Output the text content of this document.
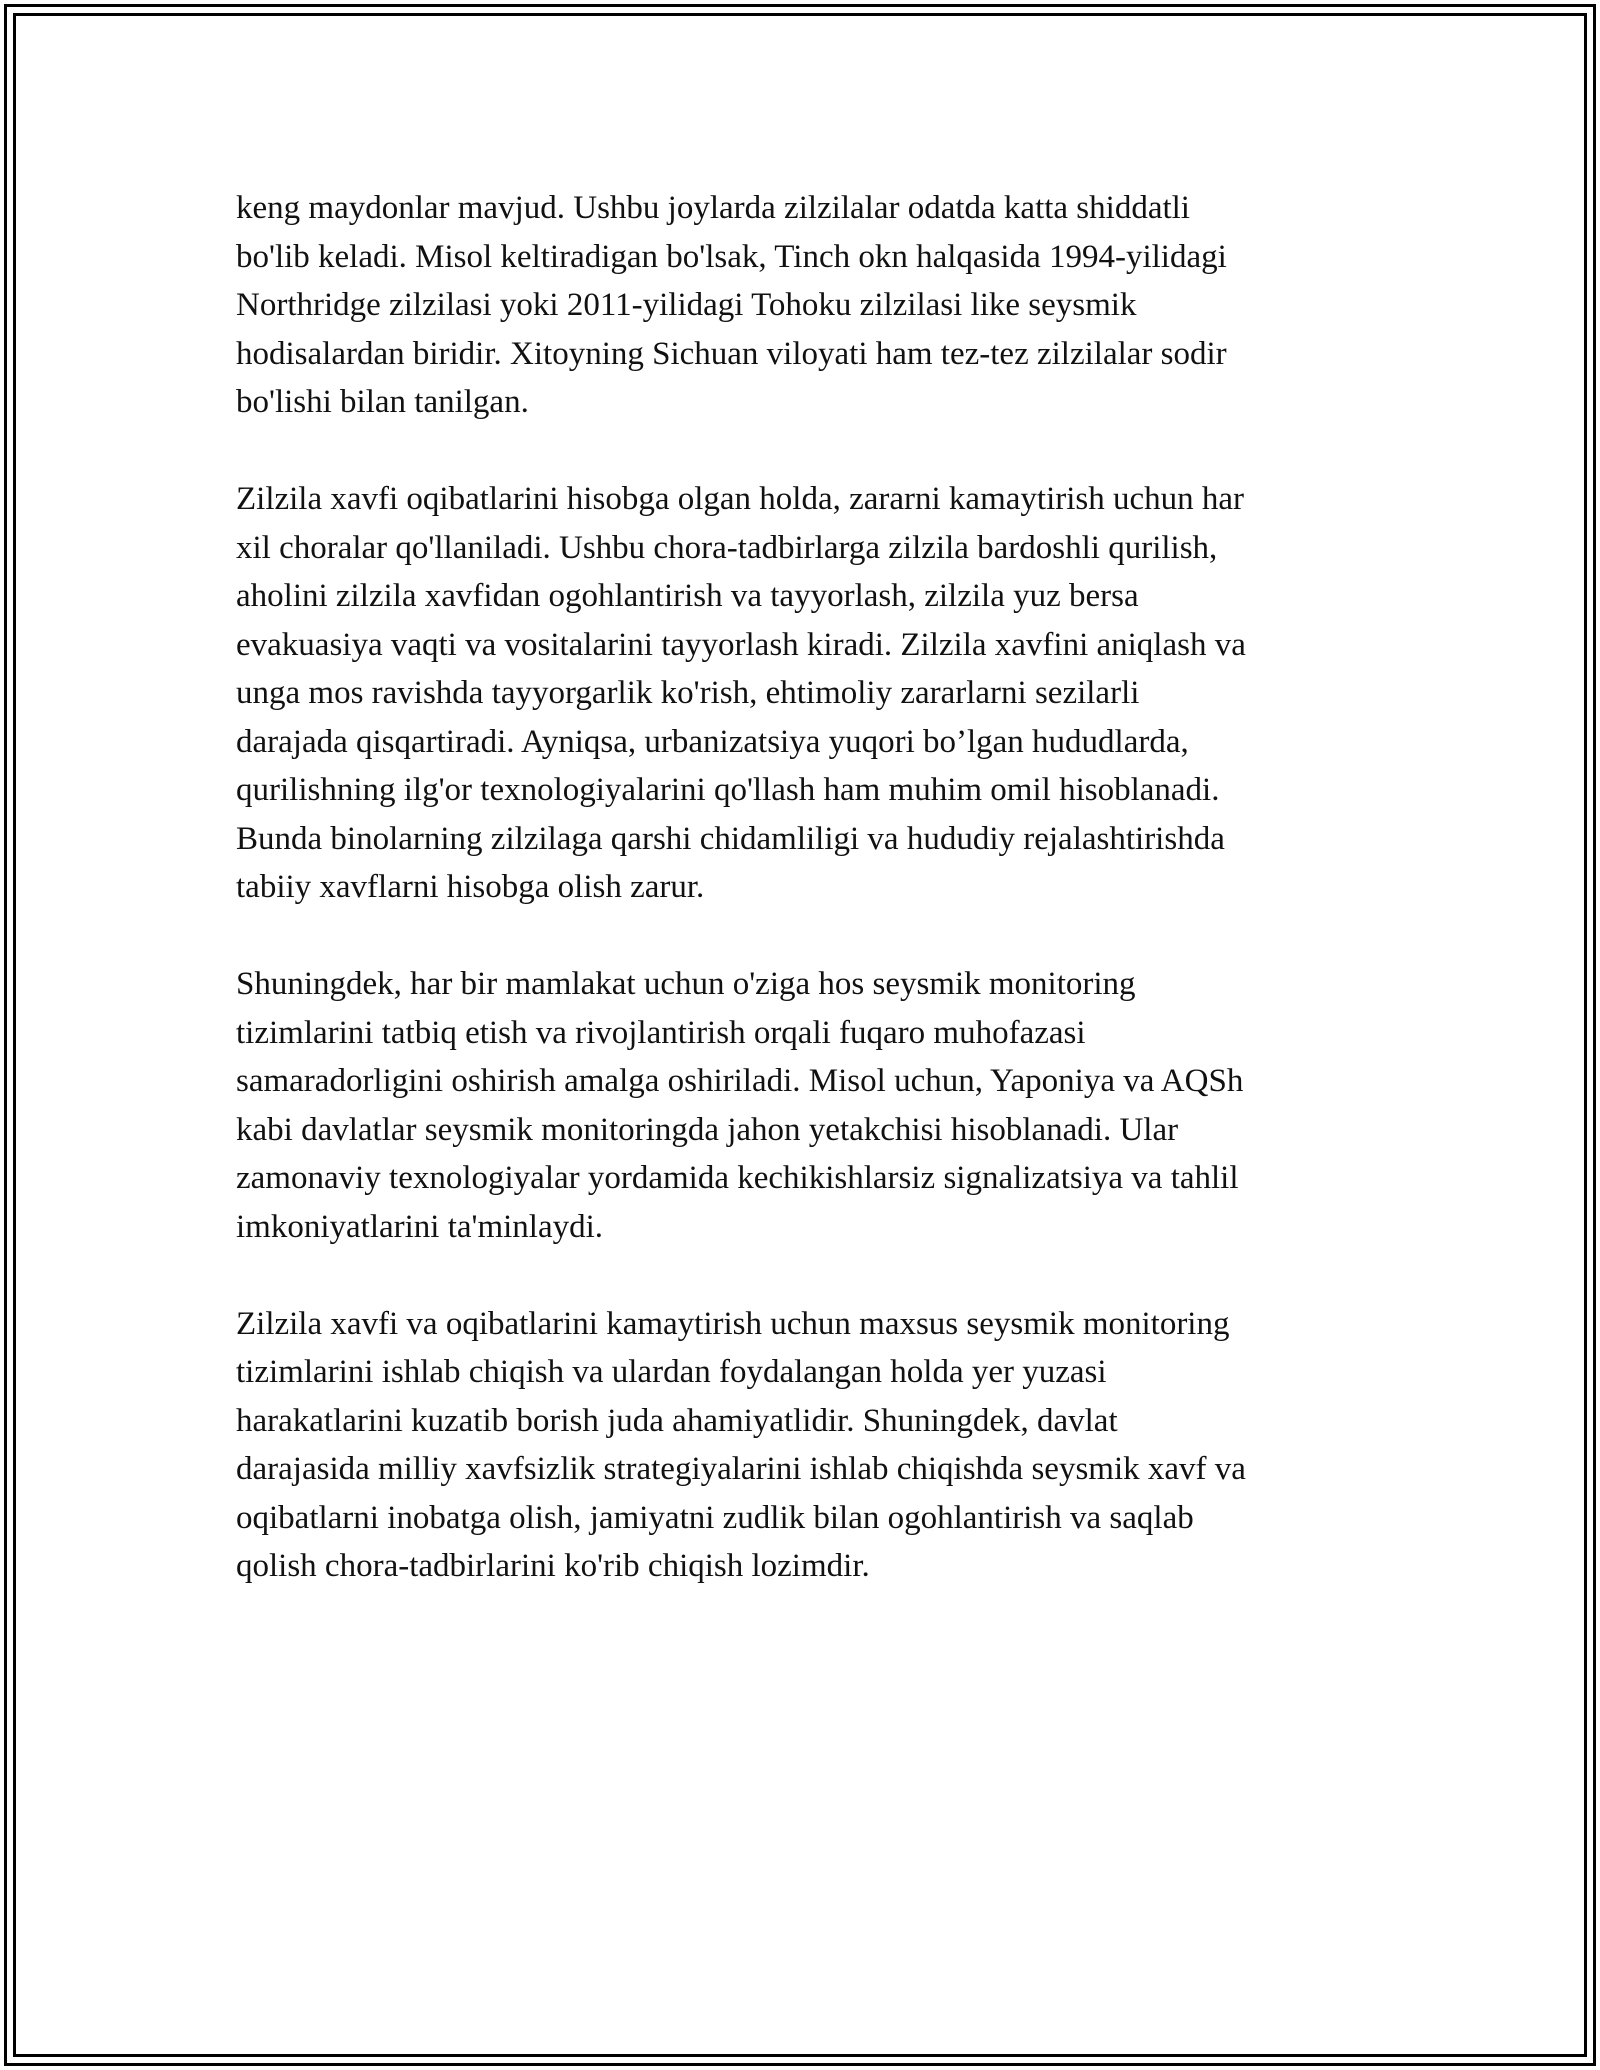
keng maydonlar mavjud. Ushbu joylarda zilzilalar odatda katta shiddatli
bo'lib keladi. Misol keltiradigan bo'lsak, Tinch okn halqasida 1994-yilidagi
Northridge zilzilasi yoki 2011-yilidagi Tohoku zilzilasi like seysmik
hodisalardan biridir. Xitoyning Sichuan viloyati ham tez-tez zilzilalar sodir
bo'lishi bilan tanilgan.

Zilzila xavfi oqibatlarini hisobga olgan holda, zararni kamaytirish uchun har
xil choralar qo'llaniladi. Ushbu chora-tadbirlarga zilzila bardoshli qurilish,
aholini zilzila xavfidan ogohlantirish va tayyorlash, zilzila yuz bersa
evakuasiya vaqti va vositalarini tayyorlash kiradi. Zilzila xavfini aniqlash va
unga mos ravishda tayyorgarlik ko'rish, ehtimoliy zararlarni sezilarli
darajada qisqartiradi. Ayniqsa, urbanizatsiya yuqori bo’lgan hududlarda,
qurilishning ilg'or texnologiyalarini qo'llash ham muhim omil hisoblanadi.
Bunda binolarning zilzilaga qarshi chidamliligi va hududiy rejalashtirishda
tabiiy xavflarni hisobga olish zarur.

Shuningdek, har bir mamlakat uchun o'ziga hos seysmik monitoring
tizimlarini tatbiq etish va rivojlantirish orqali fuqaro muhofazasi
samaradorligini oshirish amalga oshiriladi. Misol uchun, Yaponiya va AQSh
kabi davlatlar seysmik monitoringda jahon yetakchisi hisoblanadi. Ular
zamonaviy texnologiyalar yordamida kechikishlarsiz signalizatsiya va tahlil
imkoniyatlarini ta'minlaydi.

Zilzila xavfi va oqibatlarini kamaytirish uchun maxsus seysmik monitoring
tizimlarini ishlab chiqish va ulardan foydalangan holda yer yuzasi
harakatlarini kuzatib borish juda ahamiyatlidir. Shuningdek, davlat
darajasida milliy xavfsizlik strategiyalarini ishlab chiqishda seysmik xavf va
oqibatlarni inobatga olish, jamiyatni zudlik bilan ogohlantirish va saqlab
qolish chora-tadbirlarini ko'rib chiqish lozimdir.
